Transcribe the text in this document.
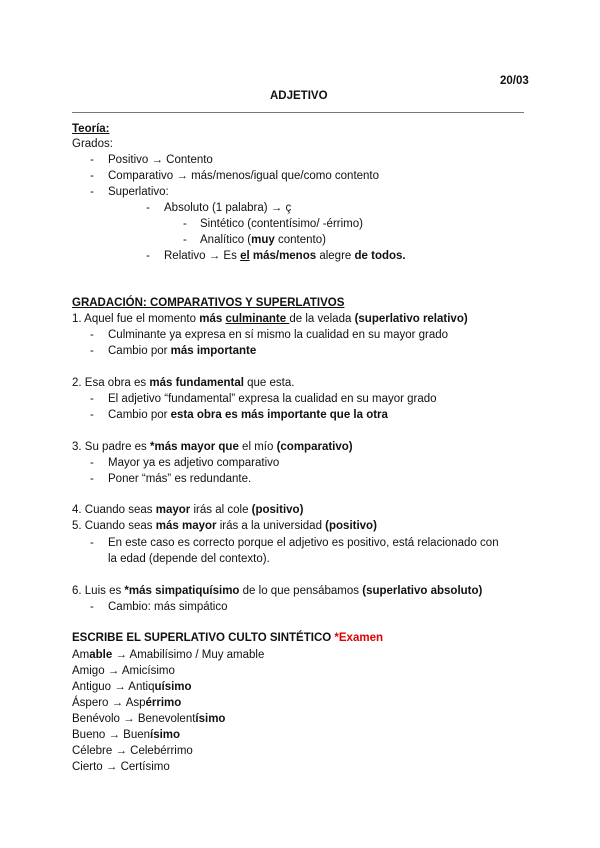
20/03
ADJETIVO
Teoría:
Grados:
- Positivo → Contento
- Comparativo → más/menos/igual que/como contento
- Superlativo:
- Absoluto (1 palabra) → ç
- Sintético (contentísimo/ -érrimo)
- Analítico (muy contento)
- Relativo → Es el más/menos alegre de todos.
GRADACIÓN: COMPARATIVOS Y SUPERLATIVOS
1. Aquel fue el momento más culminante de la velada (superlativo relativo)
- Culminante ya expresa en sí mismo la cualidad en su mayor grado
- Cambio por más importante
2. Esa obra es más fundamental que esta.
- El adjetivo “fundamental” expresa la cualidad en su mayor grado
- Cambio por esta obra es más importante que la otra
3. Su padre es *más mayor que el mío (comparativo)
- Mayor ya es adjetivo comparativo
- Poner “más” es redundante.
4. Cuando seas mayor irás al cole (positivo)
5. Cuando seas más mayor irás a la universidad (positivo)
- En este caso es correcto porque el adjetivo es positivo, está relacionado con
la edad (depende del contexto).
6. Luis es *más simpatiquísimo de lo que pensábamos (superlativo absoluto)
- Cambio: más simpático
ESCRIBE EL SUPERLATIVO CULTO SINTÉTICO *Examen
Amable → Amabilísimo / Muy amable
Amigo → Amicísimo
Antiguo → Antiquísimo
Áspero → Aspérrimo
Benévolo → Benevolentísimo
Bueno → Buenísimo
Célebre → Celebérrimo
Cierto → Certísimo
